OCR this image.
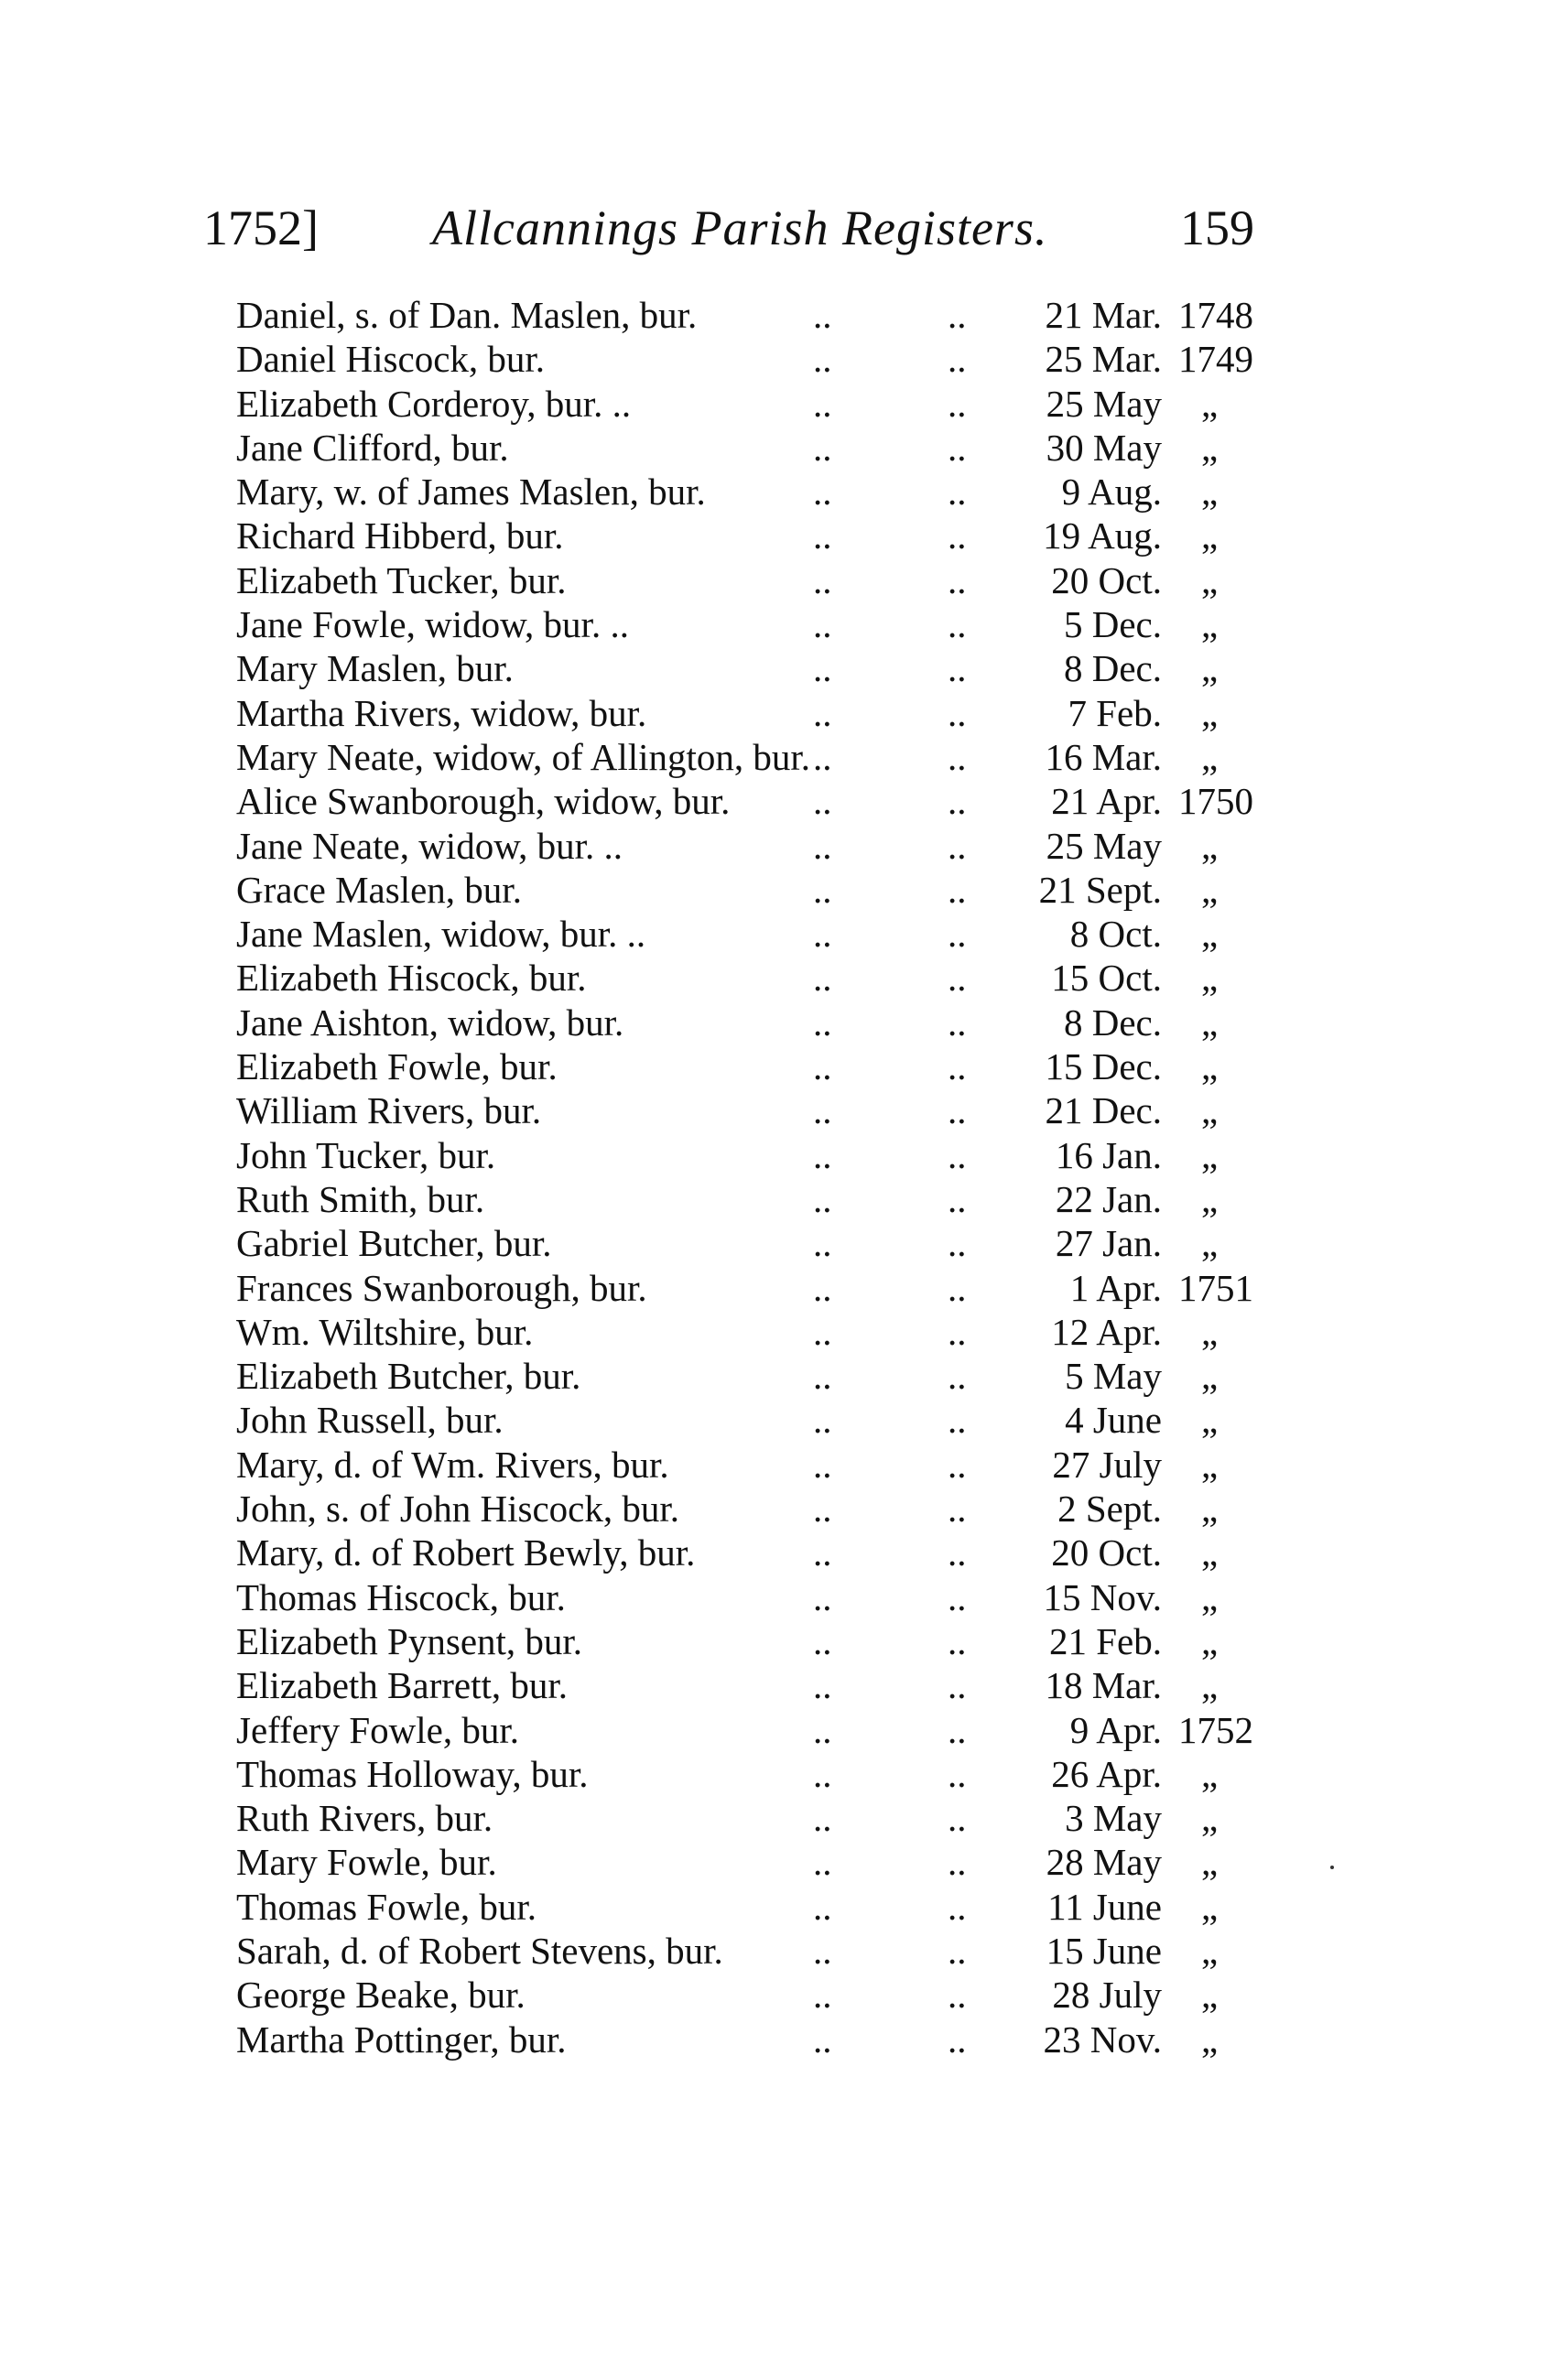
1752] Allcannings Parish Registers.	159
Daniel, s. of Dan. Maslen, bur.	..	.. 21 Mar. 1748
Daniel Hiscock, bur.	..	.. 25 Mar. 1749
Elizabeth Corderoy, bur. ..	..	.. 25 May „
Jane Clifford, bur.	..	.. 30 May „
Mary, w. of James Maslen, bur.	..	..	9 Aug. „
Richard Hibberd, bur.	..	.. 19 Aug. „
Elizabeth Tucker, bur.	..	.. 20 Oct. „
Jane Fowle, widow, bur. ..	..	..	5 Dec. „
Mary Maslen, bur.	..	..	8 Dec. „
Martha Rivers, widow, bur.	..	..	7 Feb. „
Mary Neate, widow, of Allington, bur. ..	.. 16 Mar. „
Alice Swanborough, widow, bur. ..	.. 21 Apr. 1750
Jane Neate, widow, bur. ..	..	.. 25 May „
Grace Maslen, bur.	..	.. 21 Sept. „
Jane Maslen, widow, bur. ..	..	..	8 Oct. „
Elizabeth Hiscock, bur.	..	.. 15 Oct. „
Jane Aishton, widow, bur.	..	..	8 Dec. „
Elizabeth Fowle, bur.	..	.. 15 Dec. „
William Rivers, bur.	..	.. 21 Dec. „
John Tucker, bur.	..	.. 16 Jan. „
Ruth Smith, bur.	..	.. 22 Jan. „
Gabriel Butcher, bur.	..	.. 27 Jan. „
Frances Swanborough, bur.	..	..	1 Apr. 1751
Wm. Wiltshire, bur.	..	.. 12 Apr. „
Elizabeth Butcher, bur.	..	..	5 May „
John Russell, bur.	..	..	4 June „
Mary, d. of Wm. Rivers, bur.	..	.. 27 July „
John, s. of John Hiscock, bur.	..	.. 2 Sept. „
Mary, d. of Robert Bewly, bur.	..	.. 20 Oct. „
Thomas Hiscock, bur.	..	.. 15 Nov. „
Elizabeth Pynsent, bur.	..	.. 21 Feb. „
Elizabeth Barrett, bur.	..	.. 18 Mar. „
Jeffery Fowle, bur.	..	..	9 Apr. 1752
Thomas Holloway, bur.	..	.. 26 Apr. „
Ruth Rivers, bur.	..	..	3 May „
Mary Fowle, bur.	..	.. 28 May „
Thomas Fowle, bur.	..	.. 11 June „
Sarah, d. of Robert Stevens, bur. ..	.. 15 June „
George Beake, bur.	..	.. 28 July „
Martha Pottinger, bur.	..	.. 23 Nov. „
